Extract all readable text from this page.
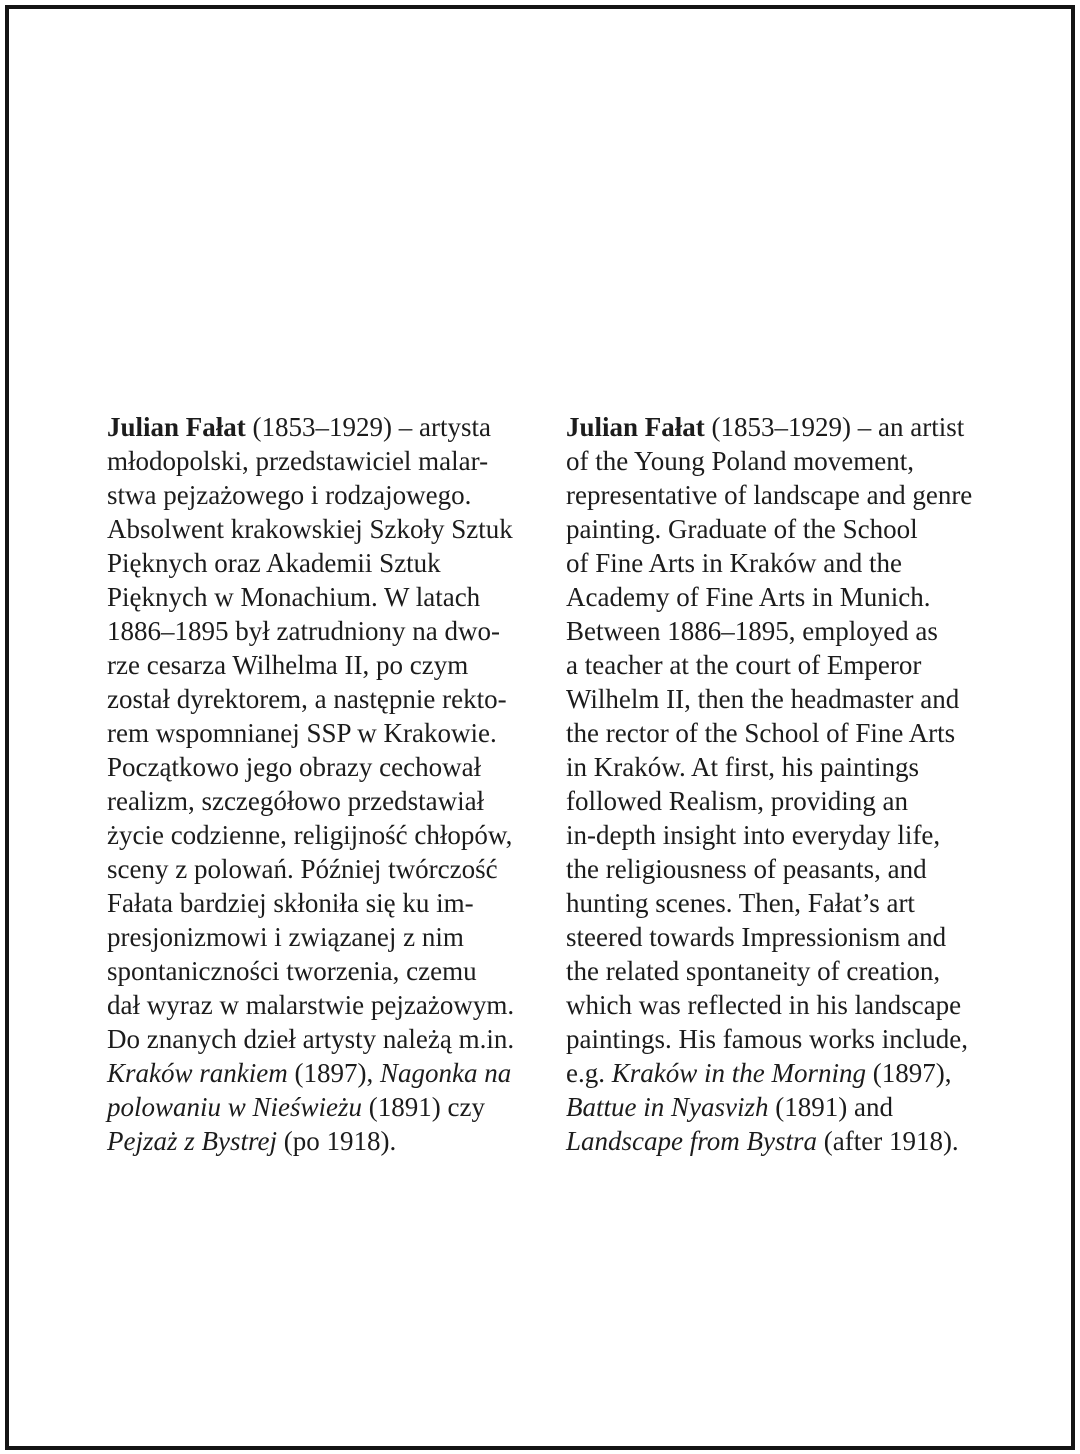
Julian Fałat (1853–1929) – artysta
młodopolski, przedstawiciel malar-
stwa pejzażowego i rodzajowego.
Absolwent krakowskiej Szkoły Sztuk
Pięknych oraz Akademii Sztuk
Pięknych w Monachium. W latach
1886–1895 był zatrudniony na dwo-
rze cesarza Wilhelma II, po czym
został dyrektorem, a następnie rekto-
rem wspomnianej SSP w Krakowie.
Początkowo jego obrazy cechował
realizm, szczegółowo przedstawiał
życie codzienne, religijność chłopów,
sceny z polowań. Później twórczość
Fałata bardziej skłoniła się ku im-
presjonizmowi i związanej z nim
spontaniczności tworzenia, czemu
dał wyraz w malarstwie pejzażowym.
Do znanych dzieł artysty należą m.in.
Kraków rankiem (1897), Nagonka na
polowaniu w Nieświeżu (1891) czy
Pejzaż z Bystrej (po 1918).
Julian Fałat (1853–1929) – an artist
of the Young Poland movement,
representative of landscape and genre
painting. Graduate of the School
of Fine Arts in Kraków and the
Academy of Fine Arts in Munich.
Between 1886–1895, employed as
a teacher at the court of Emperor
Wilhelm II, then the headmaster and
the rector of the School of Fine Arts
in Kraków. At first, his paintings
followed Realism, providing an
in-depth insight into everyday life,
the religiousness of peasants, and
hunting scenes. Then, Fałat’s art
steered towards Impressionism and
the related spontaneity of creation,
which was reflected in his landscape
paintings. His famous works include,
e.g. Kraków in the Morning (1897),
Battue in Nyasvizh (1891) and
Landscape from Bystra (after 1918).
